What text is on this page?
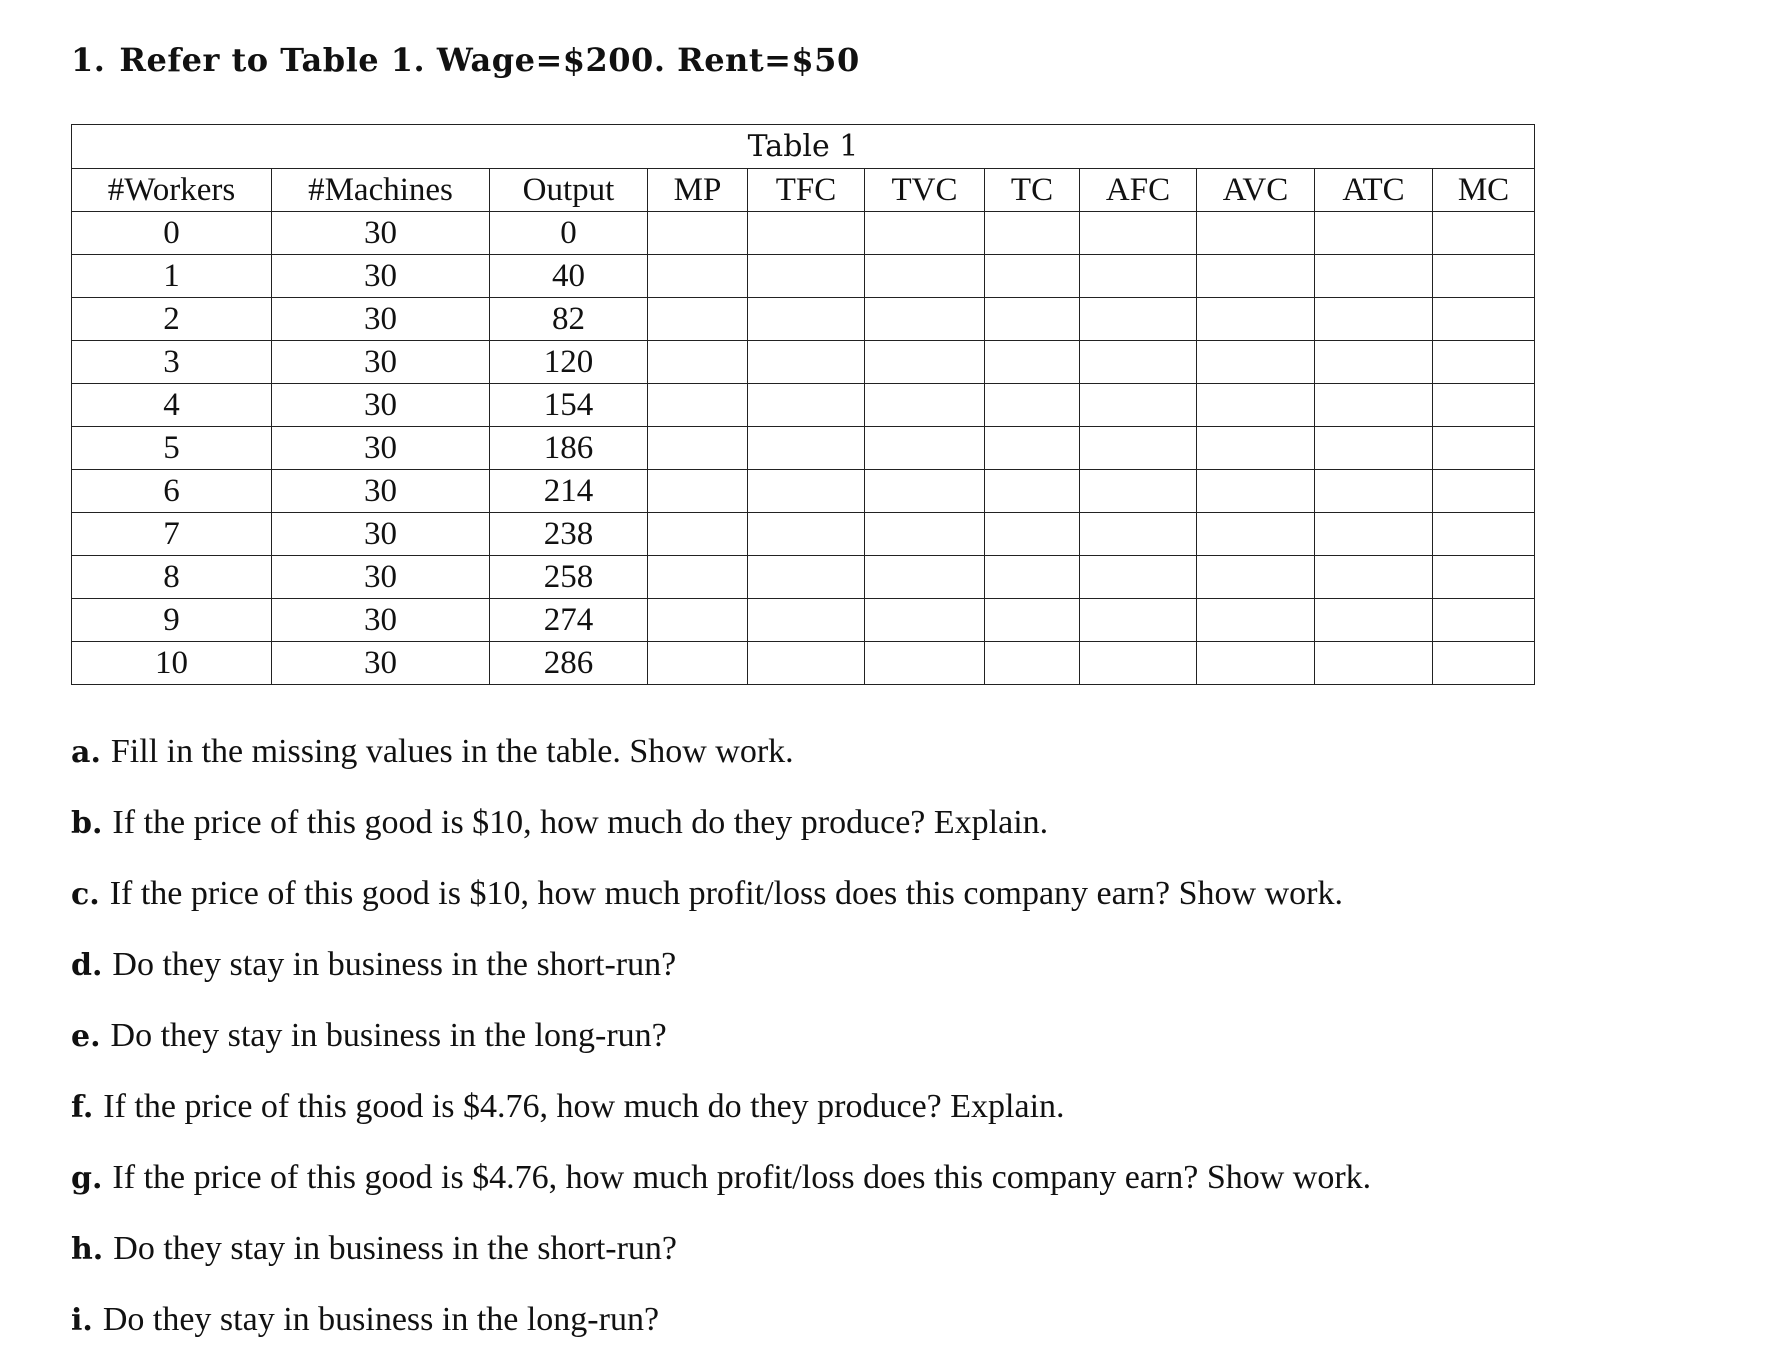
1. Refer to Table 1. Wage=$200. Rent=$50
Table 1										
#Workers	#Machines	Output	MP	TFC	TVC	TC	AFC	AVC	ATC	MC
0	30	0								
1	30	40								
2	30	82								
3	30	120								
4	30	154								
5	30	186								
6	30	214								
7	30	238								
8	30	258								
9	30	274								
10	30	286								
a. Fill in the missing values in the table. Show work.
b. If the price of this good is $10, how much do they produce? Explain.
c. If the price of this good is $10, how much profit/loss does this company earn? Show work.
d. Do they stay in business in the short-run?
e. Do they stay in business in the long-run?
f. If the price of this good is $4.76, how much do they produce? Explain.
g. If the price of this good is $4.76, how much profit/loss does this company earn? Show work.
h. Do they stay in business in the short-run?
i. Do they stay in business in the long-run?
